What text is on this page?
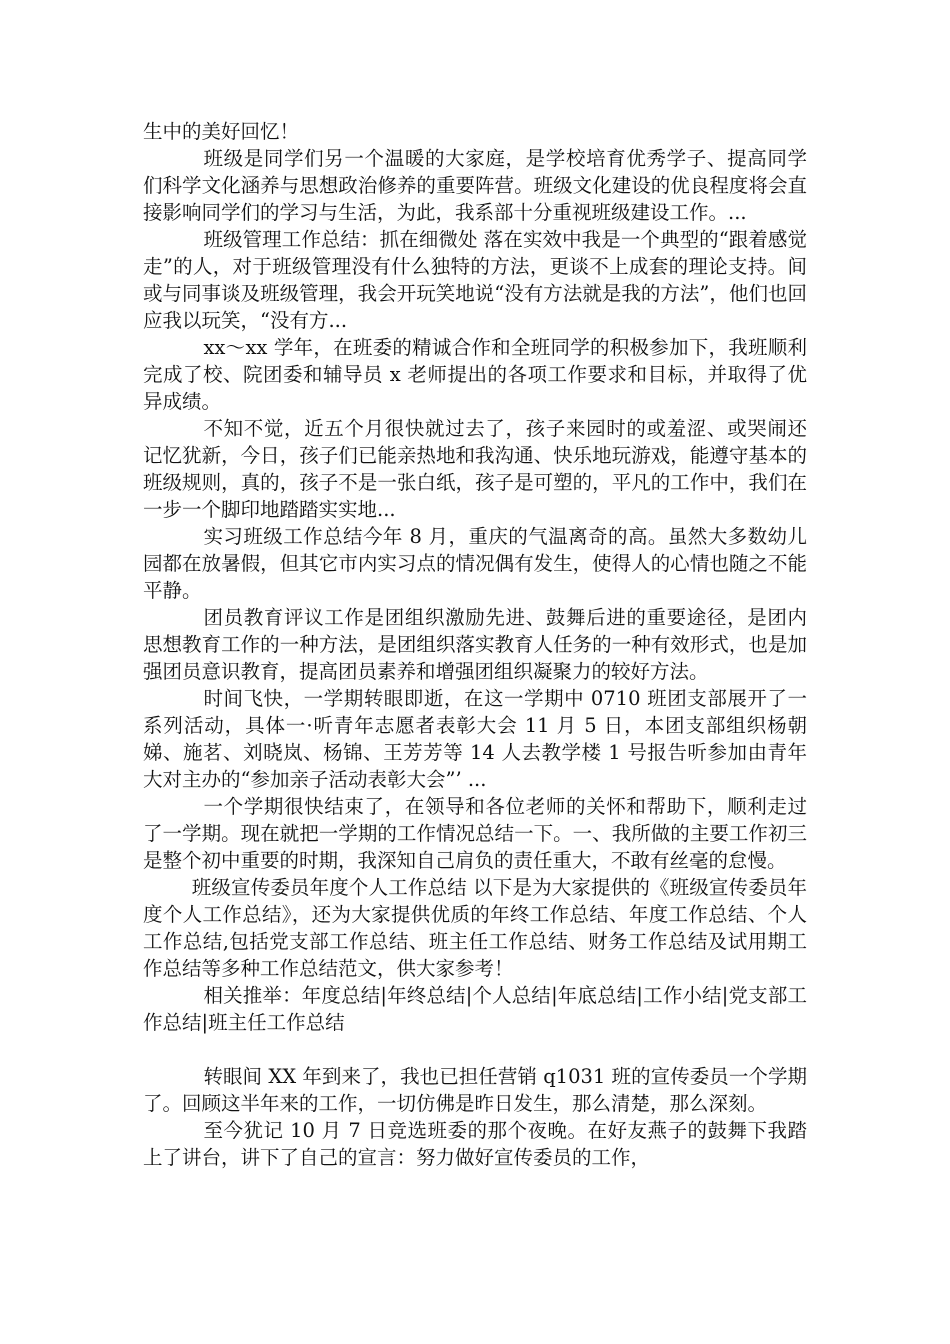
生中的美好回忆！

班级是同学们另一个温暖的大家庭，是学校培育优秀学子、提高同学们科学文化涵养与思想政治修养的重要阵营。班级文化建设的优良程度将会直接影响同学们的学习与生活，为此，我系部十分重视班级建设工作。...

班级管理工作总结：抓在细微处 落在实效中我是一个典型的“跟着感觉走”的人，对于班级管理没有什么独特的方法，更谈不上成套的理论支持。间或与同事谈及班级管理，我会开玩笑地说“没有方法就是我的方法”，他们也回应我以玩笑，“没有方...

xx～xx 学年，在班委的精诚合作和全班同学的积极参加下，我班顺利完成了校、院团委和辅导员 x 老师提出的各项工作要求和目标，并取得了优异成绩。

不知不觉，近五个月很快就过去了，孩子来园时的或羞涩、或哭闹还记忆犹新，今日，孩子们已能亲热地和我沟通、快乐地玩游戏，能遵守基本的班级规则，真的，孩子不是一张白纸，孩子是可塑的，平凡的工作中，我们在一步一个脚印地踏踏实实地...

实习班级工作总结今年 8 月，重庆的气温离奇的高。虽然大多数幼儿园都在放暑假，但其它市内实习点的情况偶有发生，使得人的心情也随之不能平静。

团员教育评议工作是团组织激励先进、鼓舞后进的重要途径，是团内思想教育工作的一种方法，是团组织落实教育人任务的一种有效形式，也是加强团员意识教育，提高团员素养和增强团组织凝聚力的较好方法。

时间飞快，一学期转眼即逝，在这一学期中 0710 班团支部展开了一系列活动，具体一·听青年志愿者表彰大会 11 月 5 日，本团支部组织杨朝娣、施茗、刘晓岚、杨锦、王芳芳等 14 人去教学楼 1 号报告听参加由青年大对主办的“参加亲子活动表彰大会”’ ...

一个学期很快结束了，在领导和各位老师的关怀和帮助下，顺利走过了一学期。现在就把一学期的工作情况总结一下。一、我所做的主要工作初三是整个初中重要的时期，我深知自己肩负的责任重大，不敢有丝毫的怠慢。

班级宣传委员年度个人工作总结 以下是为大家提供的《班级宣传委员年度个人工作总结》，还为大家提供优质的年终工作总结、年度工作总结、个人工作总结,包括党支部工作总结、班主任工作总结、财务工作总结及试用期工作总结等多种工作总结范文，供大家参考！

相关推举：年度总结|年终总结|个人总结|年底总结|工作小结|党支部工作总结|班主任工作总结

转眼间 XX 年到来了，我也已担任营销 q1031 班的宣传委员一个学期了。回顾这半年来的工作，一切仿佛是昨日发生，那么清楚，那么深刻。

至今犹记 10 月 7 日竞选班委的那个夜晚。在好友燕子的鼓舞下我踏上了讲台，讲下了自己的宣言：努力做好宣传委员的工作，
